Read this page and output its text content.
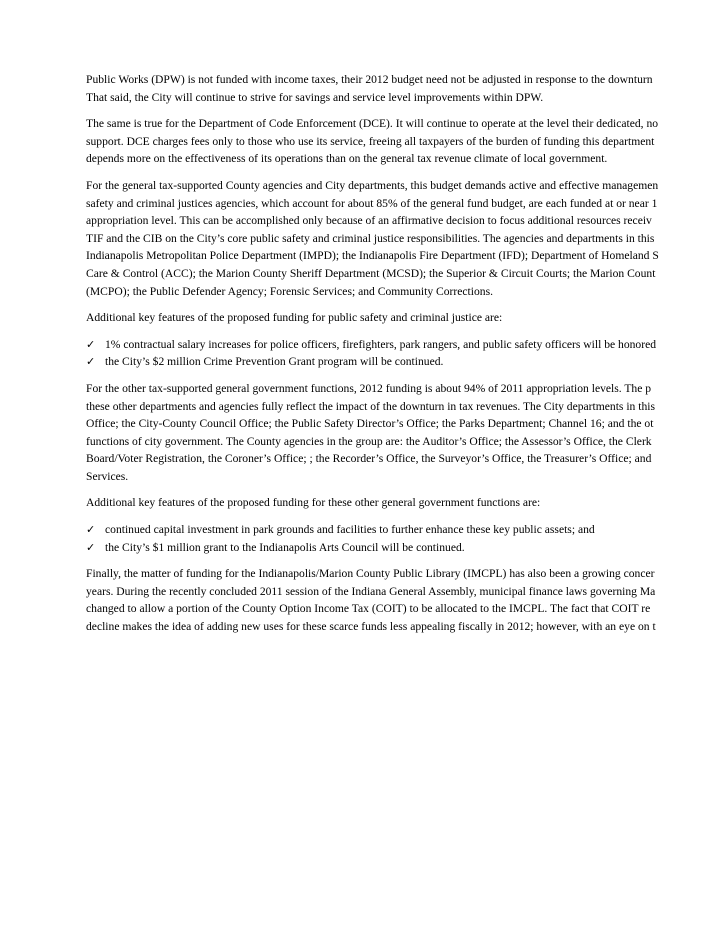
Public Works (DPW) is not funded with income taxes, their 2012 budget need not be adjusted in response to the downturn
That said, the City will continue to strive for savings and service level improvements within DPW.

The same is true for the Department of Code Enforcement (DCE). It will continue to operate at the level their dedicated, no
support. DCE charges fees only to those who use its service, freeing all taxpayers of the burden of funding this department
depends more on the effectiveness of its operations than on the general tax revenue climate of local government.

For the general tax-supported County agencies and City departments, this budget demands active and effective managemen
safety and criminal justices agencies, which account for about 85% of the general fund budget, are each funded at or near 1
appropriation level. This can be accomplished only because of an affirmative decision to focus additional resources receiv
TIF and the CIB on the City’s core public safety and criminal justice responsibilities. The agencies and departments in this
Indianapolis Metropolitan Police Department (IMPD); the Indianapolis Fire Department (IFD); Department of Homeland S
Care & Control (ACC); the Marion County Sheriff Department (MCSD); the Superior & Circuit Courts; the Marion Count
(MCPO); the Public Defender Agency; Forensic Services; and Community Corrections.

Additional key features of the proposed funding for public safety and criminal justice are:

✓ 1% contractual salary increases for police officers, firefighters, park rangers, and public safety officers will be honored
✓ the City’s $2 million Crime Prevention Grant program will be continued.

For the other tax-supported general government functions, 2012 funding is about 94% of 2011 appropriation levels. The p
these other departments and agencies fully reflect the impact of the downturn in tax revenues. The City departments in this
Office; the City-County Council Office; the Public Safety Director’s Office; the Parks Department; Channel 16; and the ot
functions of city government. The County agencies in the group are: the Auditor’s Office; the Assessor’s Office, the Clerk
Board/Voter Registration, the Coroner’s Office; ; the Recorder’s Office, the Surveyor’s Office, the Treasurer’s Office; and
Services.

Additional key features of the proposed funding for these other general government functions are:

✓ continued capital investment in park grounds and facilities to further enhance these key public assets; and
✓ the City’s $1 million grant to the Indianapolis Arts Council will be continued.

Finally, the matter of funding for the Indianapolis/Marion County Public Library (IMCPL) has also been a growing concer
years. During the recently concluded 2011 session of the Indiana General Assembly, municipal finance laws governing Ma
changed to allow a portion of the County Option Income Tax (COIT) to be allocated to the IMCPL. The fact that COIT re
decline makes the idea of adding new uses for these scarce funds less appealing fiscally in 2012; however, with an eye on t
